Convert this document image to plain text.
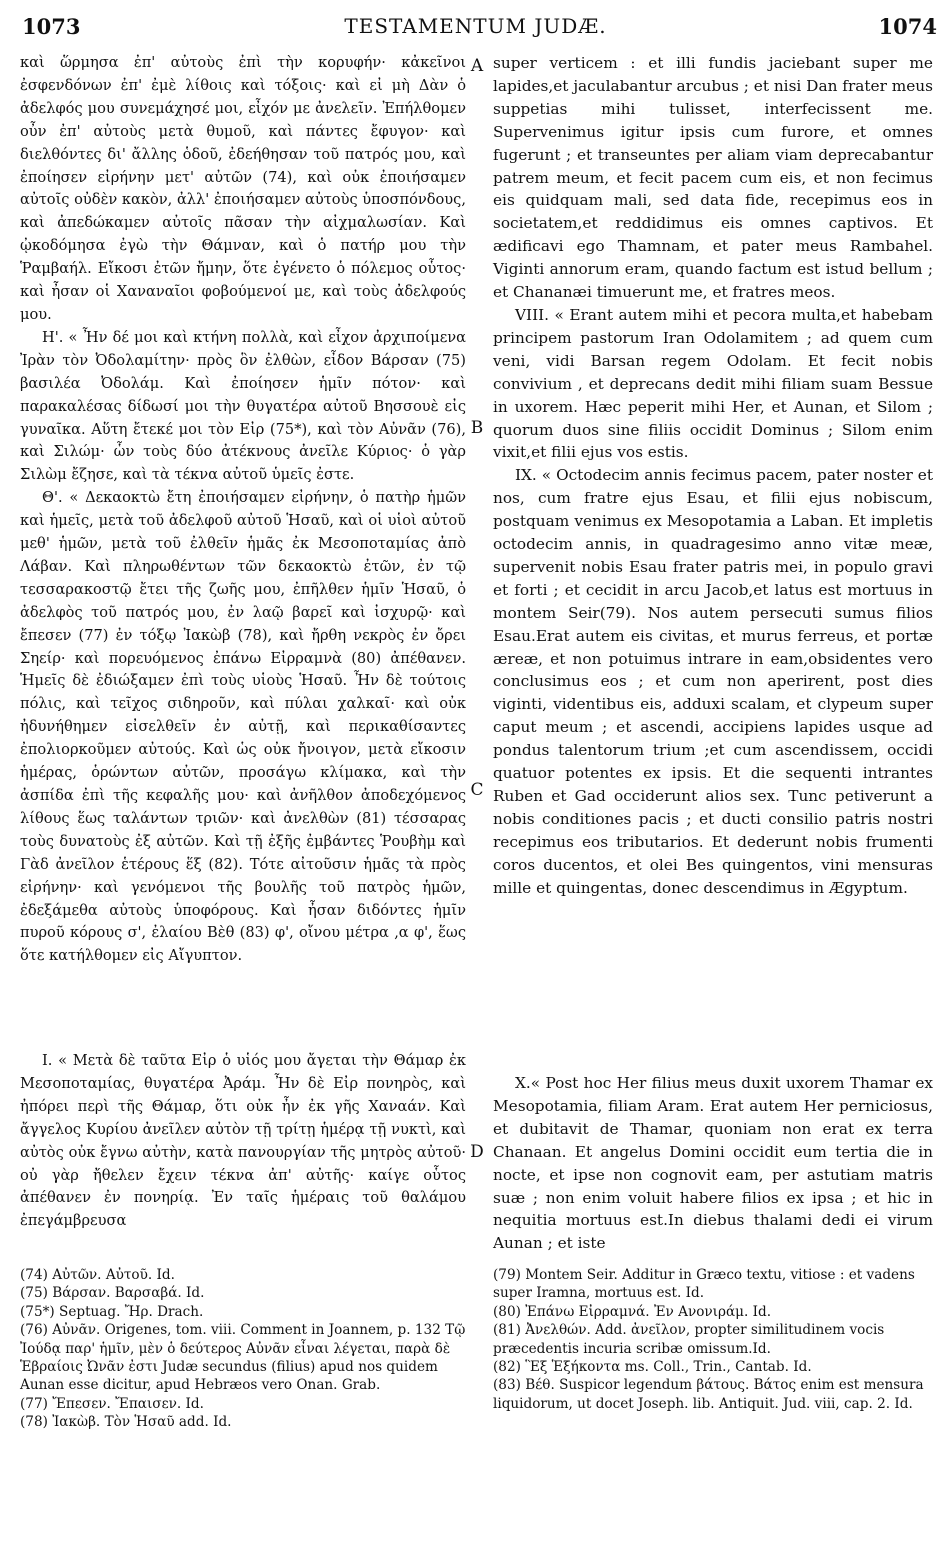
1073	TESTAMENTUM JUDÆ.	1074

καὶ ὥρμησα ἐπ' αὐτοὺς ἐπὶ τὴν κορυφήν· κἀκεῖνοι ἐσφενδόνων ἐπ' ἐμὲ λίθοις καὶ τόξοις· καὶ εἰ μὴ Δὰν ὁ ἀδελφός μου συνεμάχησέ μοι, εἶχόν με ἀνελεῖν. Ἐπήλθομεν οὖν ἐπ' αὐτοὺς μετὰ θυμοῦ, καὶ πάντες ἔφυγον· καὶ διελθόντες δι' ἄλλης ὁδοῦ, ἐδεήθησαν τοῦ πατρός μου, καὶ ἐποίησεν εἰρήνην μετ' αὐτῶν (74), καὶ οὐκ ἐποιήσαμεν αὐτοῖς οὐδὲν κακὸν, ἀλλ' ἐποιήσαμεν αὐτοὺς ὑποσπόνδους, καὶ ἀπεδώκαμεν αὐτοῖς πᾶσαν τὴν αἰχμαλωσίαν. Καὶ ᾠκοδόμησα ἐγὼ τὴν Θάμναν, καὶ ὁ πατήρ μου τὴν Ῥαμβαήλ. Εἴκοσι ἐτῶν ἤμην, ὅτε ἐγένετο ὁ πόλεμος οὗτος· καὶ ἦσαν οἱ Χαναναῖοι φοβούμενοί με, καὶ τοὺς ἀδελφούς μου.

Η'. « Ἦν δέ μοι καὶ κτήνη πολλὰ, καὶ εἶχον ἀρχιποίμενα Ἰρὰν τὸν Ὀδολαμίτην· πρὸς ὃν ἐλθὼν, εἶδον Βάρσαν (75) βασιλέα Ὀδολάμ. Καὶ ἐποίησεν ἡμῖν πότον· καὶ παρακαλέσας δίδωσί μοι τὴν θυγατέρα αὐτοῦ Βησσουὲ εἰς γυναῖκα. Αὕτη ἔτεκέ μοι τὸν Εἰρ (75*), καὶ τὸν Αὐνᾶν (76), καὶ Σιλώμ· ὧν τοὺς δύο ἀτέκνους ἀνεῖλε Κύριος· ὁ γὰρ Σιλὼμ ἔζησε, καὶ τὰ τέκνα αὐτοῦ ὑμεῖς ἐστε.

Θ'. « Δεκαοκτὼ ἔτη ἐποιήσαμεν εἰρήνην, ὁ πατὴρ ἡμῶν καὶ ἡμεῖς, μετὰ τοῦ ἀδελφοῦ αὐτοῦ Ἡσαῦ, καὶ οἱ υἱοὶ αὐτοῦ μεθ' ἡμῶν, μετὰ τοῦ ἐλθεῖν ἡμᾶς ἐκ Μεσοποταμίας ἀπὸ Λάβαν. Καὶ πληρωθέντων τῶν δεκαοκτὼ ἐτῶν, ἐν τῷ τεσσαρακοστῷ ἔτει τῆς ζωῆς μου, ἐπῆλθεν ἡμῖν Ἡσαῦ, ὁ ἀδελφὸς τοῦ πατρός μου, ἐν λαῷ βαρεῖ καὶ ἰσχυρῷ· καὶ ἔπεσεν (77) ἐν τόξῳ Ἰακὼβ (78), καὶ ἤρθη νεκρὸς ἐν ὄρει Σηείρ· καὶ πορευόμενος ἐπάνω Εἰρραμνὰ (80) ἀπέθανεν. Ἡμεῖς δὲ ἐδιώξαμεν ἐπὶ τοὺς υἱοὺς Ἡσαῦ. Ἦν δὲ τούτοις πόλις, καὶ τεῖχος σιδηροῦν, καὶ πύλαι χαλκαῖ· καὶ οὐκ ἠδυνήθημεν εἰσελθεῖν ἐν αὐτῇ, καὶ περικαθίσαντες ἐπολιορκοῦμεν αὐτούς. Καὶ ὡς οὐκ ἤνοιγον, μετὰ εἴκοσιν ἡμέρας, ὁρώντων αὐτῶν, προσάγω κλίμακα, καὶ τὴν ἀσπίδα ἐπὶ τῆς κεφαλῆς μου· καὶ ἀνῆλθον ἀποδεχόμενος λίθους ἕως ταλάντων τριῶν· καὶ ἀνελθὼν (81) τέσσαρας τοὺς δυνατοὺς ἐξ αὐτῶν. Καὶ τῇ ἐξῆς ἐμβάντες Ῥουβὴμ καὶ Γὰδ ἀνεῖλον ἑτέρους ἕξ (82). Τότε αἰτοῦσιν ἡμᾶς τὰ πρὸς εἰρήνην· καὶ γενόμενοι τῆς βουλῆς τοῦ πατρὸς ἡμῶν, ἐδεξάμεθα αὐτοὺς ὑποφόρους. Καὶ ἦσαν διδόντες ἡμῖν πυροῦ κόρους σ', ἐλαίου Βὲθ (83) φ', οἴνου μέτρα ‚α φ', ἕως ὅτε κατήλθομεν εἰς Αἴγυπτον.

super verticem : et illi fundis jaciebant super me lapides,et jaculabantur arcubus ; et nisi Dan frater meus suppetias mihi tulisset, interfecissent me. Supervenimus igitur ipsis cum furore, et omnes fugerunt ; et transeuntes per aliam viam deprecabantur patrem meum, et fecit pacem cum eis, et non fecimus eis quidquam mali, sed data fide, recepimus eos in societatem,et reddidimus eis omnes captivos. Et ædificavi ego Thamnam, et pater meus Rambahel. Viginti annorum eram, quando factum est istud bellum ; et Chananæi timuerunt me, et fratres meos.

VIII. « Erant autem mihi et pecora multa,et habebam principem pastorum Iran Odolamitem ; ad quem cum veni, vidi Barsan regem Odolam. Et fecit nobis convivium , et deprecans dedit mihi filiam suam Bessue in uxorem. Hæc peperit mihi Her, et Aunan, et Silom ; quorum duos sine filiis occidit Dominus ; Silom enim vixit,et filii ejus vos estis.

IX. « Octodecim annis fecimus pacem, pater noster et nos, cum fratre ejus Esau, et filii ejus nobiscum, postquam venimus ex Mesopotamia a Laban. Et impletis octodecim annis, in quadragesimo anno vitæ meæ, supervenit nobis Esau frater patris mei, in populo gravi et forti ; et cecidit in arcu Jacob,et latus est mortuus in montem Seir(79). Nos autem persecuti sumus filios Esau.Erat autem eis civitas, et murus ferreus, et portæ æreæ, et non potuimus intrare in eam,obsidentes vero conclusimus eos ; et cum non aperirent, post dies viginti, videntibus eis, adduxi scalam, et clypeum super caput meum ; et ascendi, accipiens lapides usque ad pondus talentorum trium ;et cum ascendissem, occidi quatuor potentes ex ipsis. Et die sequenti intrantes Ruben et Gad occiderunt alios sex. Tunc petiverunt a nobis conditiones pacis ; et ducti consilio patris nostri recepimus eos tributarios. Et dederunt nobis frumenti coros ducentos, et olei Bes quingentos, vini mensuras mille et quingentas, donec descendimus in Ægyptum.

A
B
C
D

Ι. « Μετὰ δὲ ταῦτα Εἰρ ὁ υἱός μου ἄγεται τὴν Θάμαρ ἐκ Μεσοποταμίας, θυγατέρα Ἀράμ. Ἦν δὲ Εἰρ πονηρὸς, καὶ ἠπόρει περὶ τῆς Θάμαρ, ὅτι οὐκ ἦν ἐκ γῆς Χαναάν. Καὶ ἄγγελος Κυρίου ἀνεῖλεν αὐτὸν τῇ τρίτῃ ἡμέρᾳ τῇ νυκτὶ, καὶ αὐτὸς οὐκ ἔγνω αὐτὴν, κατὰ πανουργίαν τῆς μητρὸς αὐτοῦ· οὐ γὰρ ἤθελεν ἔχειν τέκνα ἀπ' αὐτῆς· καίγε οὗτος ἀπέθανεν ἐν πονηρίᾳ. Ἐν ταῖς ἡμέραις τοῦ θαλάμου ἐπεγάμβρευσα

X.« Post hoc Her filius meus duxit uxorem Thamar ex Mesopotamia, filiam Aram. Erat autem Her perniciosus, et dubitavit de Thamar, quoniam non erat ex terra Chanaan. Et angelus Domini occidit eum tertia die in nocte, et ipse non cognovit eam, per astutiam matris suæ ; non enim voluit habere filios ex ipsa ; et hic in nequitia mortuus est.In diebus thalami dedi ei virum Aunan ; et iste

(74) Αὐτῶν. Αὐτοῦ. Id.

(75) Βάρσαν. Βαρσαβά. Id.

(75*) Septuag. Ἤρ. Drach.

(76) Αὐνᾶν. Origenes, tom. viii. Comment in Joannem, p. 132 Τῷ Ἰούδᾳ παρ' ἡμῖν, μὲν ὁ δεύτερος Αὐνᾶν εἶναι λέγεται, παρὰ δὲ Ἑβραίοις Ὠνᾶν ἐστι Judæ secundus (filius) apud nos quidem Aunan esse dicitur, apud Hebræos vero Onan. Grab.

(77) Ἔπεσεν. Ἔπαισεν. Id.

(78) Ἰακὼβ. Τὸν Ἡσαῦ add. Id.

(79) Montem Seir. Additur in Græco textu, vitiose : et vadens super Iramna, mortuus est. Id.

(80) Ἐπάνω Εἰρραμνά. Ἐν Ανονιράμ. Id.

(81) Ἀνελθών. Add. ἀνεῖλον, propter similitudinem vocis præcedentis incuria scribæ omissum.Id.

(82) Ἓξ Ἑξήκοντα ms. Coll., Trin., Cantab. Id.

(83) Βέθ. Suspicor legendum βάτους. Βάτος enim est mensura liquidorum, ut docet Joseph. lib. Antiquit. Jud. viii, cap. 2. Id.
